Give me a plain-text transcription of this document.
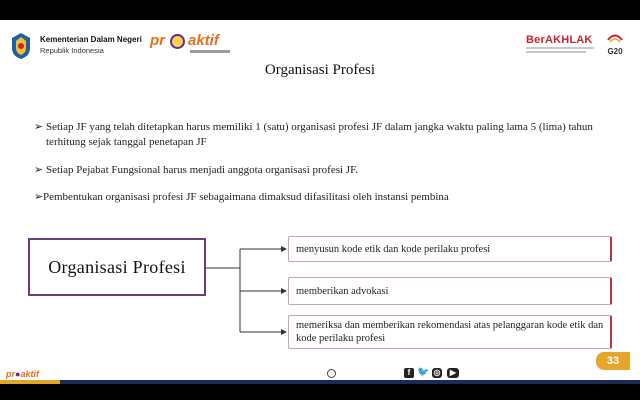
Kementerian Dalam Negeri
Republik Indonesia
pr aktif	BerAKHLAK
G20
Organisasi Profesi
➢ Setiap JF yang telah ditetapkan harus memiliki 1 (satu) organisasi profesi JF dalam jangka waktu paling lama 5 (lima) tahun terhitung sejak tanggal penetapan JF
➢ Setiap Pejabat Fungsional harus menjadi anggota organisasi profesi JF.
➢ Pembentukan organisasi profesi JF sebagaimana dimaksud difasilitasi oleh instansi pembina
Organisasi Profesi
menyusun kode etik dan kode perilaku profesi
memberikan advokasi
memeriksa dan memberikan rekomendasi atas pelanggaran kode etik dan kode perilaku profesi
pr●aktif	f 🐦 ◎	▶
33
